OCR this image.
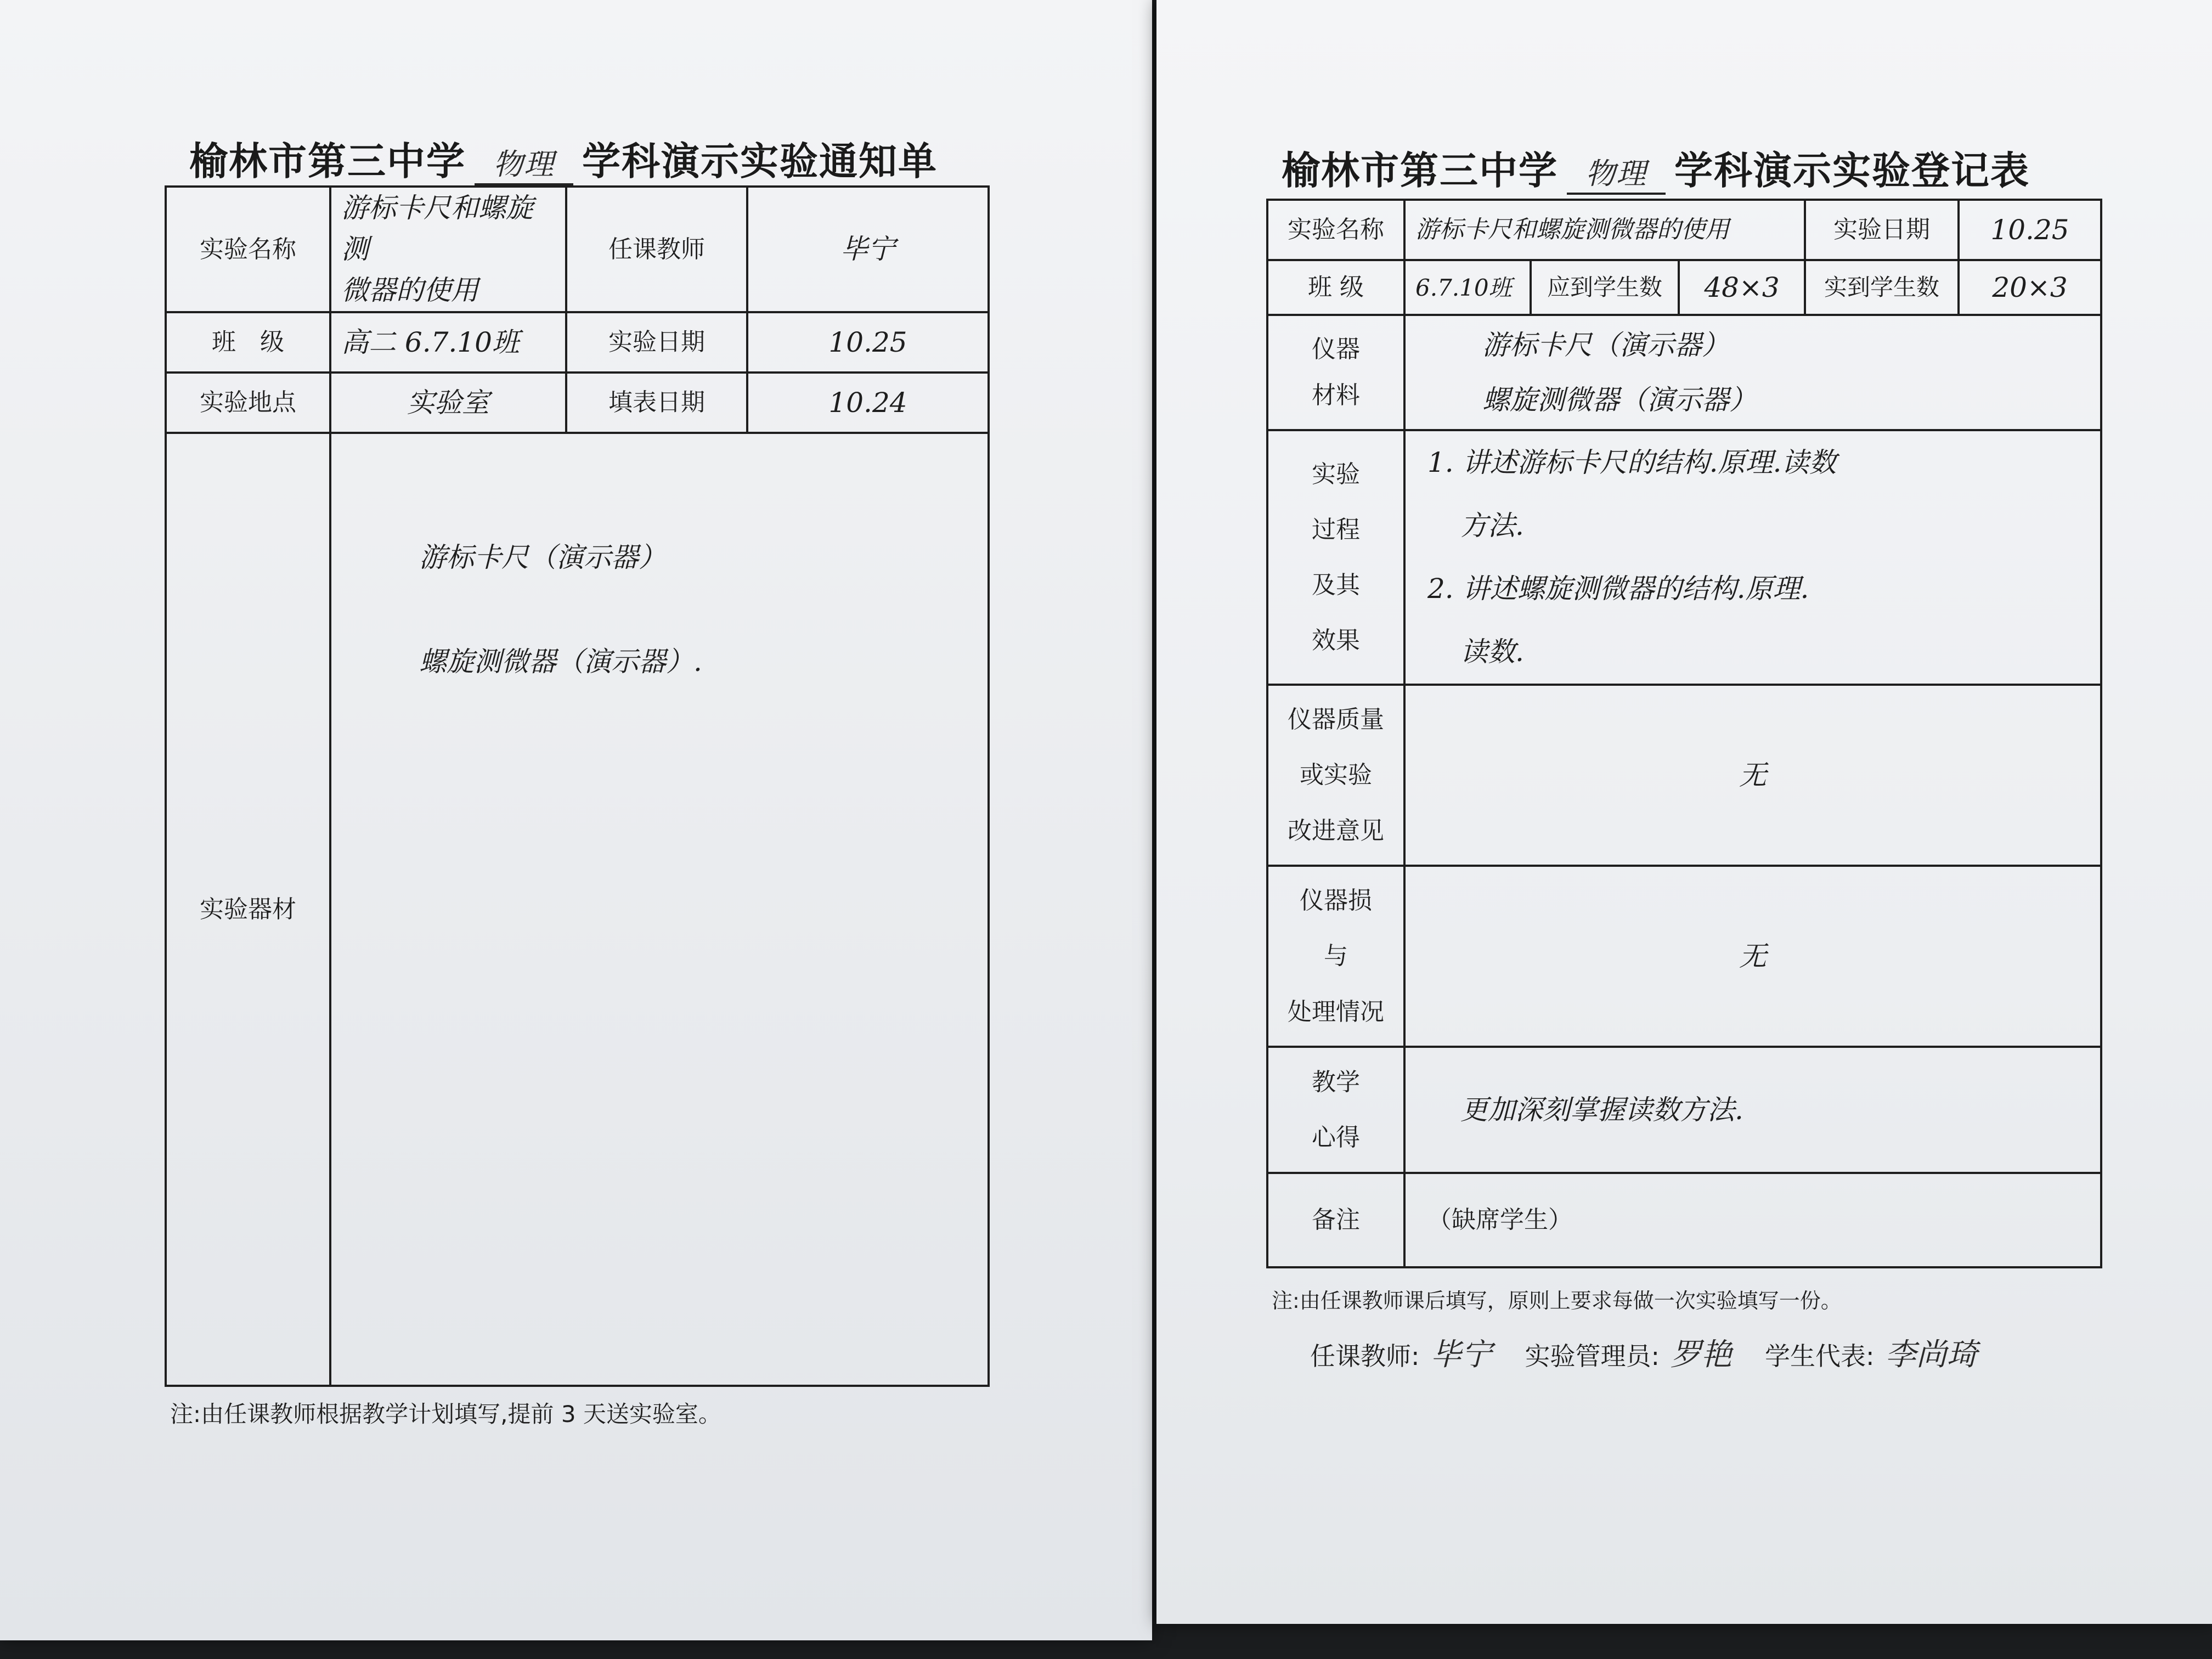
榆林市第三中学 物理 学科演示实验通知单
实验名称	游标卡尺和螺旋测
微器的使用	任课教师	毕宁
班　级	高二 6.7.10班	实验日期	10.25
实验地点	实验室	填表日期	10.24
实验器材	游标卡尺（演示器）
螺旋测微器（演示器）.		
注:由任课教师根据教学计划填写,提前 3 天送实验室。
榆林市第三中学 物理 学科演示实验登记表
实验名称	游标卡尺和螺旋测微器的使用			实验日期	10.25
班 级	6.7.10班	应到学生数	48×3	实到学生数	20×3

仪器
材料	游标卡尺（演示器）
螺旋测微器（演示器）				

实验
过程
及其
效果	1. 讲述游标卡尺的结构.原理.读数
方法.
2. 讲述螺旋测微器的结构.原理.
读数.				

仪器质量
或实验
改进意见	无				

仪器损
与
处理情况	无				

教学
心得	更加深刻掌握读数方法.				
备注	（缺席学生）				
注:由任课教师课后填写，原则上要求每做一次实验填写一份。
任课教师: 毕宁 实验管理员: 罗艳 学生代表: 李尚琦
